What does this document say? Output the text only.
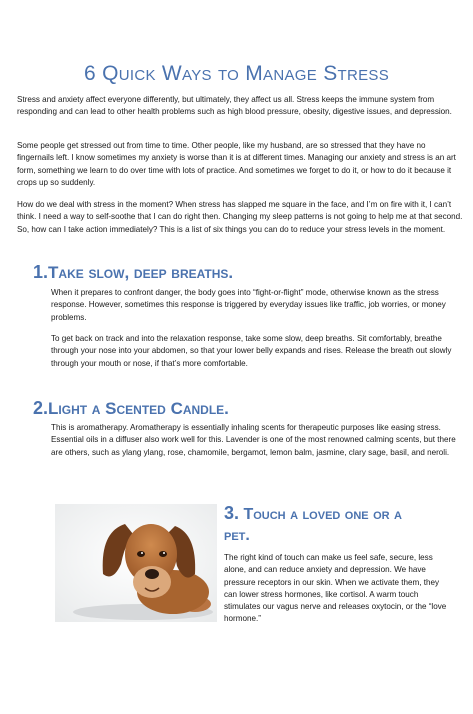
6 Quick Ways to Manage Stress

Stress and anxiety affect everyone differently, but ultimately, they affect us all. Stress keeps the immune system from responding and can lead to other health problems such as high blood pressure, obesity, digestive issues, and depression.

Some people get stressed out from time to time. Other people, like my husband, are so stressed that they have no fingernails left. I know sometimes my anxiety is worse than it is at different times. Managing our anxiety and stress is an art form, something we learn to do over time with lots of practice. And sometimes we forget to do it, or how to do it because it crops up so suddenly.

How do we deal with stress in the moment? When stress has slapped me square in the face, and I’m on fire with it, I can’t think. I need a way to self-soothe that I can do right then. Changing my sleep patterns is not going to help me at that second. So, how can I take action immediately? This is a list of six things you can do to reduce your stress levels in the moment.

1.Take slow, deep breaths.

When it prepares to confront danger, the body goes into “fight-or-flight” mode, otherwise known as the stress response. However, sometimes this response is triggered by everyday issues like traffic, job worries, or money problems.

To get back on track and into the relaxation response, take some slow, deep breaths. Sit comfortably, breathe through your nose into your abdomen, so that your lower belly expands and rises. Release the breath out slowly through your mouth or nose, if that’s more comfortable.

2.Light a Scented Candle.

This is aromatherapy. Aromatherapy is essentially inhaling scents for therapeutic purposes like easing stress. Essential oils in a diffuser also work well for this. Lavender is one of the most renowned calming scents, but there are others, such as ylang ylang, rose, chamomile, bergamot, lemon balm, jasmine, clary sage, basil, and neroli.

3. Touch a loved one or a
pet.

The right kind of touch can make us feel safe, secure, less alone, and can reduce anxiety and depression. We have pressure receptors in our skin. When we activate them, they can lower stress hormones, like cortisol. A warm touch stimulates our vagus nerve and releases oxytocin, or the “love hormone.”
